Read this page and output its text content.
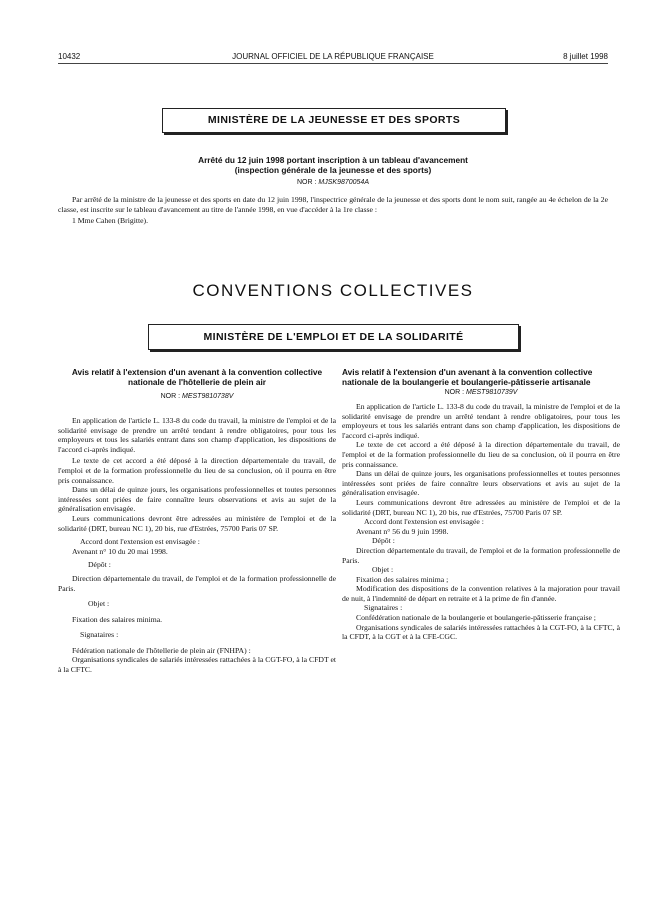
10432	JOURNAL OFFICIEL DE LA RÉPUBLIQUE FRANÇAISE	8 juillet 1998
MINISTÈRE DE LA JEUNESSE ET DES SPORTS
Arrêté du 12 juin 1998 portant inscription à un tableau d'avancement
(inspection générale de la jeunesse et des sports)
NOR : MJSK9870054A

Par arrêté de la ministre de la jeunesse et des sports en date du 12 juin 1998, l'inspectrice générale de la jeunesse et des sports dont le nom suit, rangée au 4e échelon de la 2e classe, est inscrite sur le tableau d'avancement au titre de l'année 1998, en vue d'accéder à la 1re classe :

1 Mme Cahen (Brigitte).

CONVENTIONS COLLECTIVES
MINISTÈRE DE L'EMPLOI ET DE LA SOLIDARITÉ

Avis relatif à l'extension d'un avenant à la convention collective nationale de l'hôtellerie de plein air

NOR : MEST9810738V

En application de l'article L. 133-8 du code du travail, la ministre de l'emploi et de la solidarité envisage de prendre un arrêté tendant à rendre obligatoires, pour tous les employeurs et tous les salariés entrant dans son champ d'application, les dispositions de l'accord ci-après indiqué.

Le texte de cet accord a été déposé à la direction départementale du travail, de l'emploi et de la formation professionnelle du lieu de sa conclusion, où il pourra en être pris connaissance.

Dans un délai de quinze jours, les organisations professionnelles et toutes personnes intéressées sont priées de faire connaître leurs observations et avis au sujet de la généralisation envisagée.

Leurs communications devront être adressées au ministère de l'emploi et de la solidarité (DRT, bureau NC 1), 20 bis, rue d'Estrées, 75700 Paris 07 SP.

Accord dont l'extension est envisagée :

Avenant n° 10 du 20 mai 1998.

Dépôt :

Direction départementale du travail, de l'emploi et de la formation professionnelle de Paris.

Objet :

Fixation des salaires minima.

Signataires :

Fédération nationale de l'hôtellerie de plein air (FNHPA) :

Organisations syndicales de salariés intéressées rattachées à la CGT-FO, à la CFDT et à la CFTC.

Avis relatif à l'extension d'un avenant à la convention collective nationale de la boulangerie et boulangerie-pâtisserie artisanale

NOR : MEST9810739V

En application de l'article L. 133-8 du code du travail, la ministre de l'emploi et de la solidarité envisage de prendre un arrêté tendant à rendre obligatoires, pour tous les employeurs et tous les salariés entrant dans son champ d'application, les dispositions de l'accord ci-après indiqué.

Le texte de cet accord a été déposé à la direction départementale du travail, de l'emploi et de la formation professionnelle du lieu de sa conclusion, où il pourra en être pris connaissance.

Dans un délai de quinze jours, les organisations professionnelles et toutes personnes intéressées sont priées de faire connaître leurs observations et avis au sujet de la généralisation envisagée.

Leurs communications devront être adressées au ministère de l'emploi et de la solidarité (DRT, bureau NC 1), 20 bis, rue d'Estrées, 75700 Paris 07 SP.

Accord dont l'extension est envisagée :

Avenant n° 56 du 9 juin 1998.

Dépôt :

Direction départementale du travail, de l'emploi et de la formation professionnelle de Paris.

Objet :

Fixation des salaires minima ;

Modification des dispositions de la convention relatives à la majoration pour travail de nuit, à l'indemnité de départ en retraite et à la prime de fin d'année.

Signataires :

Confédération nationale de la boulangerie et boulangerie-pâtisserie française ;

Organisations syndicales de salariés intéressées rattachées à la CGT-FO, à la CFTC, à la CFDT, à la CGT et à la CFE-CGC.
